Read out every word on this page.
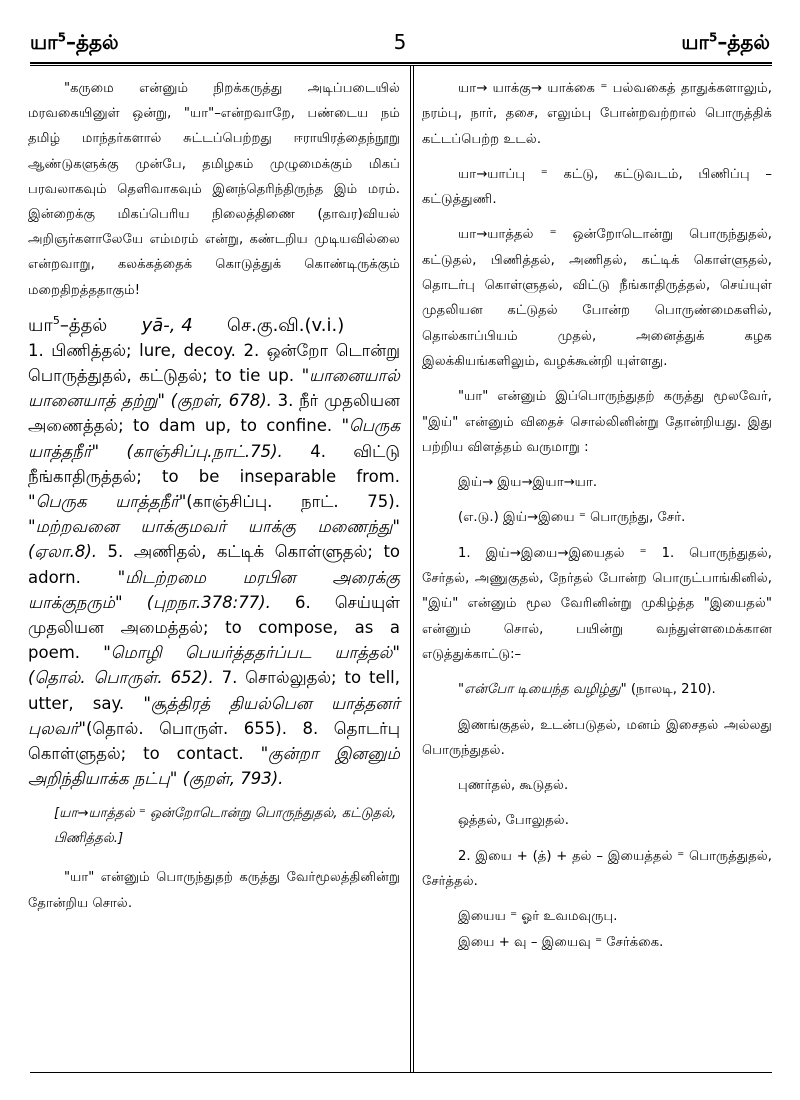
யா$^5$–த்தல்	5	யா$^5$–த்தல்

"கருமை என்னும் நிறக்கருத்து அடிப்படையில் மரவகையினுள் ஒன்று, "யா"–என்றவாறே, பண்டைய நம் தமிழ் மாந்தர்களால் சுட்டப்பெற்றது ஈராயிரத்தைந்நூறு ஆண்டுகளுக்கு முன்பே, தமிழகம் முழுமைக்கும் மிகப் பரவலாகவும் தெளிவாகவும் இனந்தெரிந்திருந்த இம் மரம். இன்றைக்கு மிகப்பெரிய நிலைத்திணை (தாவர)வியல் அறிஞர்களாலேயே எம்மரம் என்று, கண்டறிய முடியவில்லை என்றவாறு, கலக்கத்தைக் கொடுத்துக் கொண்டிருக்கும் மறைதிறத்ததாகும்!

யா$^5$–த்தல் yā-, 4 செ.கு.வி.(v.i.)

1. பிணித்தல்; lure, decoy. 2. ஒன்றோ டொன்று பொருத்துதல், கட்டுதல்; to tie up. "யானையால் யானையாத் தற்று" (குறள், 678). 3. நீர் முதலியன அணைத்தல்; to dam up, to confine. "பெருக யாத்தநீர்" (காஞ்சிப்பு.நாட்.75). 4. விட்டு நீங்காதிருத்தல்; to be inseparable from. "பெருக யாத்தநீர்"(காஞ்சிப்பு. நாட். 75). "மற்றவனை யாக்குமவர் யாக்கு மணைந்து" (ஏலா.8). 5. அணிதல், கட்டிக் கொள்ளுதல்; to adorn. "மிடற்றமை மரபின அரைக்கு யாக்குநரும்" (புறநா.378:77). 6. செய்யுள் முதலியன அமைத்தல்; to compose, as a poem. "மொழி பெயர்த்ததர்ப்பட யாத்தல்" (தொல். பொருள். 652). 7. சொல்லுதல்; to tell, utter, say. "சூத்திரத் தியல்பென யாத்தனர் புலவர்"(தொல். பொருள். 655). 8. தொடர்பு கொள்ளுதல்; to contact. "குன்றா இனனும் அறிந்தியாக்க நட்பு" (குறள், 793).

[யா→யாத்தல் ⁼ ஒன்றோடொன்று பொருந்துதல், கட்டுதல், பிணித்தல்.]

"யா" என்னும் பொருந்துதற் கருத்து வேர்மூலத்தினின்று தோன்றிய சொல்.

யா→ யாக்கு→ யாக்கை ⁼ பல்வகைத் தாதுக்களாலும், நரம்பு, நார், தசை, எலும்பு போன்றவற்றால் பொருத்திக் கட்டப்பெற்ற உடல்.

யா→யாப்பு ⁼ கட்டு, கட்டுவடம், பிணிப்பு – கட்டுத்துணி.

யா→யாத்தல் ⁼ ஒன்றோடொன்று பொருந்துதல், கட்டுதல், பிணித்தல், அணிதல், கட்டிக் கொள்ளுதல், தொடர்பு கொள்ளுதல், விட்டு நீங்காதிருத்தல், செய்யுள் முதலியன கட்டுதல் போன்ற பொருண்மைகளில், தொல்காப்பியம் முதல், அனைத்துக் கழக இலக்கியங்களிலும், வழக்கூன்றி யுள்ளது.

"யா" என்னும் இப்பொருந்துதற் கருத்து மூலவேர், "இய்" என்னும் விதைச் சொல்லினின்று தோன்றியது. இது பற்றிய விளத்தம் வருமாறு :

இய்→ இய→இயா→யா.

(எ.டு.) இய்→இயை ⁼ பொருந்து, சேர்.

1. இய்→இயை→இயைதல் ⁼ 1. பொருந்துதல், சேர்தல், அணுகுதல், நேர்தல் போன்ற பொருட்பாங்கினில், "இய்" என்னும் மூல வேரினின்று முகிழ்த்த "இயைதல்" என்னும் சொல், பயின்று வந்துள்ளமைக்கான எடுத்துக்காட்டு:–

"என்போ டியைந்த வழிழ்து" (நாலடி, 210).

இணங்குதல், உடன்படுதல், மனம் இசைதல் அல்லது பொருந்துதல்.

புணர்தல், கூடுதல்.

ஒத்தல், போலுதல்.

2. இயை + (த்) + தல் – இயைத்தல் ⁼ பொருத்துதல், சேர்த்தல்.

இயைய ⁼ ஓர் உவமவுருபு.

இயை + வு – இயைவு ⁼ சேர்க்கை.
